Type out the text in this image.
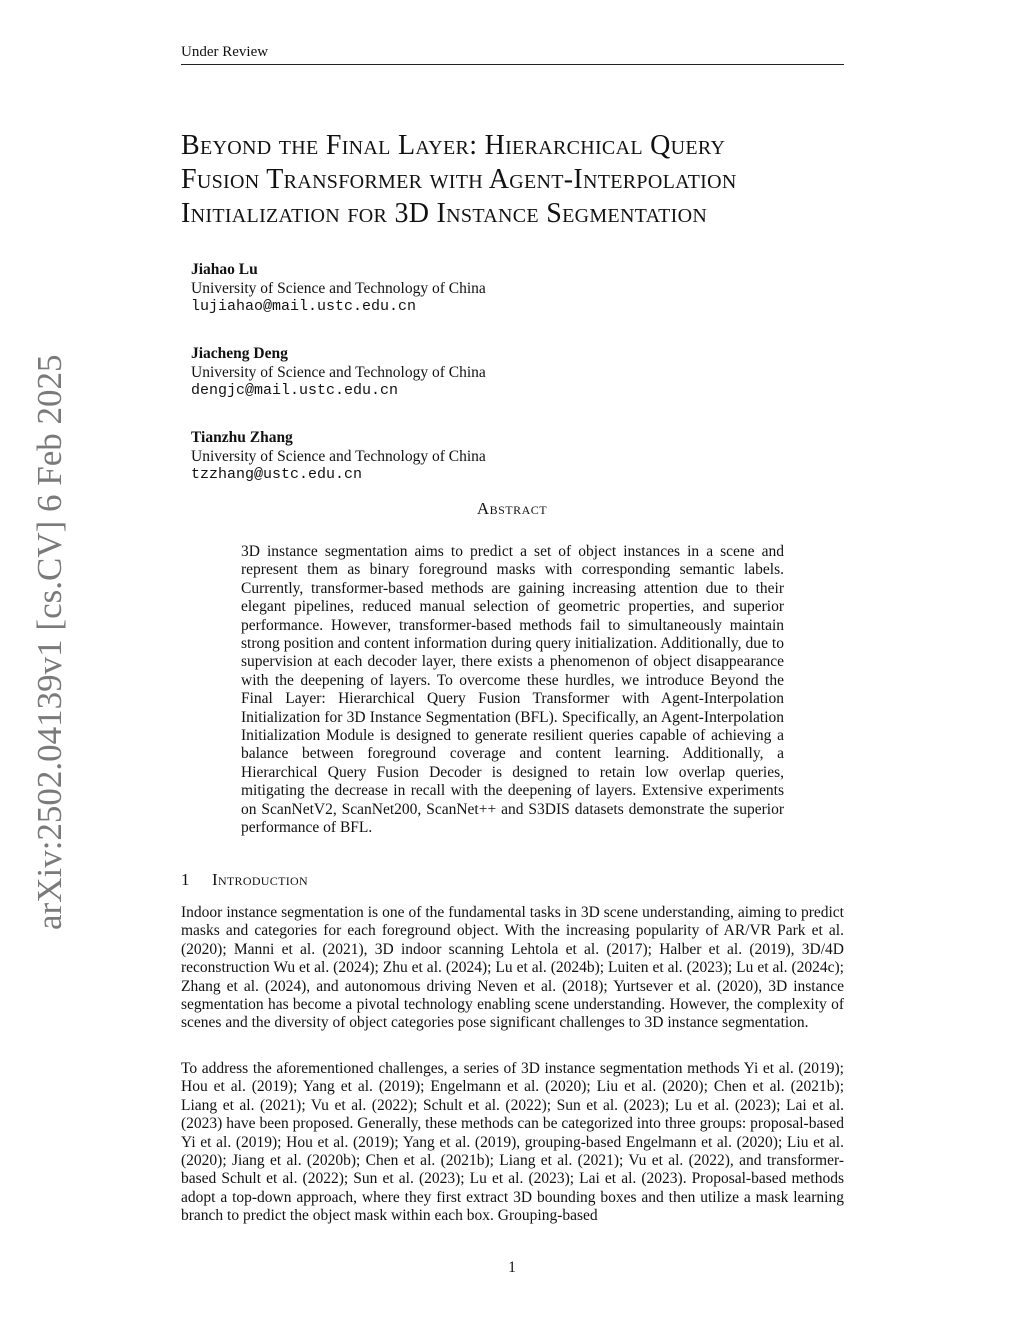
Under Review
arXiv:2502.04139v1 [cs.CV] 6 Feb 2025
Beyond the Final Layer: Hierarchical Query
Fusion Transformer with Agent-Interpolation
Initialization for 3D Instance Segmentation
Jiahao Lu
University of Science and Technology of China
lujiahao@mail.ustc.edu.cn
Jiacheng Deng
University of Science and Technology of China
dengjc@mail.ustc.edu.cn
Tianzhu Zhang
University of Science and Technology of China
tzzhang@ustc.edu.cn
Abstract
3D instance segmentation aims to predict a set of object instances in a scene and represent them as binary foreground masks with corresponding semantic labels. Currently, transformer-based methods are gaining increasing attention due to their elegant pipelines, reduced manual selection of geometric properties, and superior performance. However, transformer-based methods fail to simultaneously maintain strong position and content information during query initialization. Additionally, due to supervision at each decoder layer, there exists a phenomenon of object disappearance with the deepening of layers. To overcome these hurdles, we introduce Beyond the Final Layer: Hierarchical Query Fusion Transformer with Agent-Interpolation Initialization for 3D Instance Segmentation (BFL). Specifically, an Agent-Interpolation Initialization Module is designed to generate resilient queries capable of achieving a balance between foreground coverage and content learning. Additionally, a Hierarchical Query Fusion Decoder is designed to retain low overlap queries, mitigating the decrease in recall with the deepening of layers. Extensive experiments on ScanNetV2, ScanNet200, ScanNet++ and S3DIS datasets demonstrate the superior performance of BFL.
1 Introduction
Indoor instance segmentation is one of the fundamental tasks in 3D scene understanding, aiming to predict masks and categories for each foreground object. With the increasing popularity of AR/VR Park et al. (2020); Manni et al. (2021), 3D indoor scanning Lehtola et al. (2017); Halber et al. (2019), 3D/4D reconstruction Wu et al. (2024); Zhu et al. (2024); Lu et al. (2024b); Luiten et al. (2023); Lu et al. (2024c); Zhang et al. (2024), and autonomous driving Neven et al. (2018); Yurtsever et al. (2020), 3D instance segmentation has become a pivotal technology enabling scene understanding. However, the complexity of scenes and the diversity of object categories pose significant challenges to 3D instance segmentation.
To address the aforementioned challenges, a series of 3D instance segmentation methods Yi et al. (2019); Hou et al. (2019); Yang et al. (2019); Engelmann et al. (2020); Liu et al. (2020); Chen et al. (2021b); Liang et al. (2021); Vu et al. (2022); Schult et al. (2022); Sun et al. (2023); Lu et al. (2023); Lai et al. (2023) have been proposed. Generally, these methods can be categorized into three groups: proposal-based Yi et al. (2019); Hou et al. (2019); Yang et al. (2019), grouping-based Engelmann et al. (2020); Liu et al. (2020); Jiang et al. (2020b); Chen et al. (2021b); Liang et al. (2021); Vu et al. (2022), and transformer-based Schult et al. (2022); Sun et al. (2023); Lu et al. (2023); Lai et al. (2023). Proposal-based methods adopt a top-down approach, where they first extract 3D bounding boxes and then utilize a mask learning branch to predict the object mask within each box. Grouping-based
1
